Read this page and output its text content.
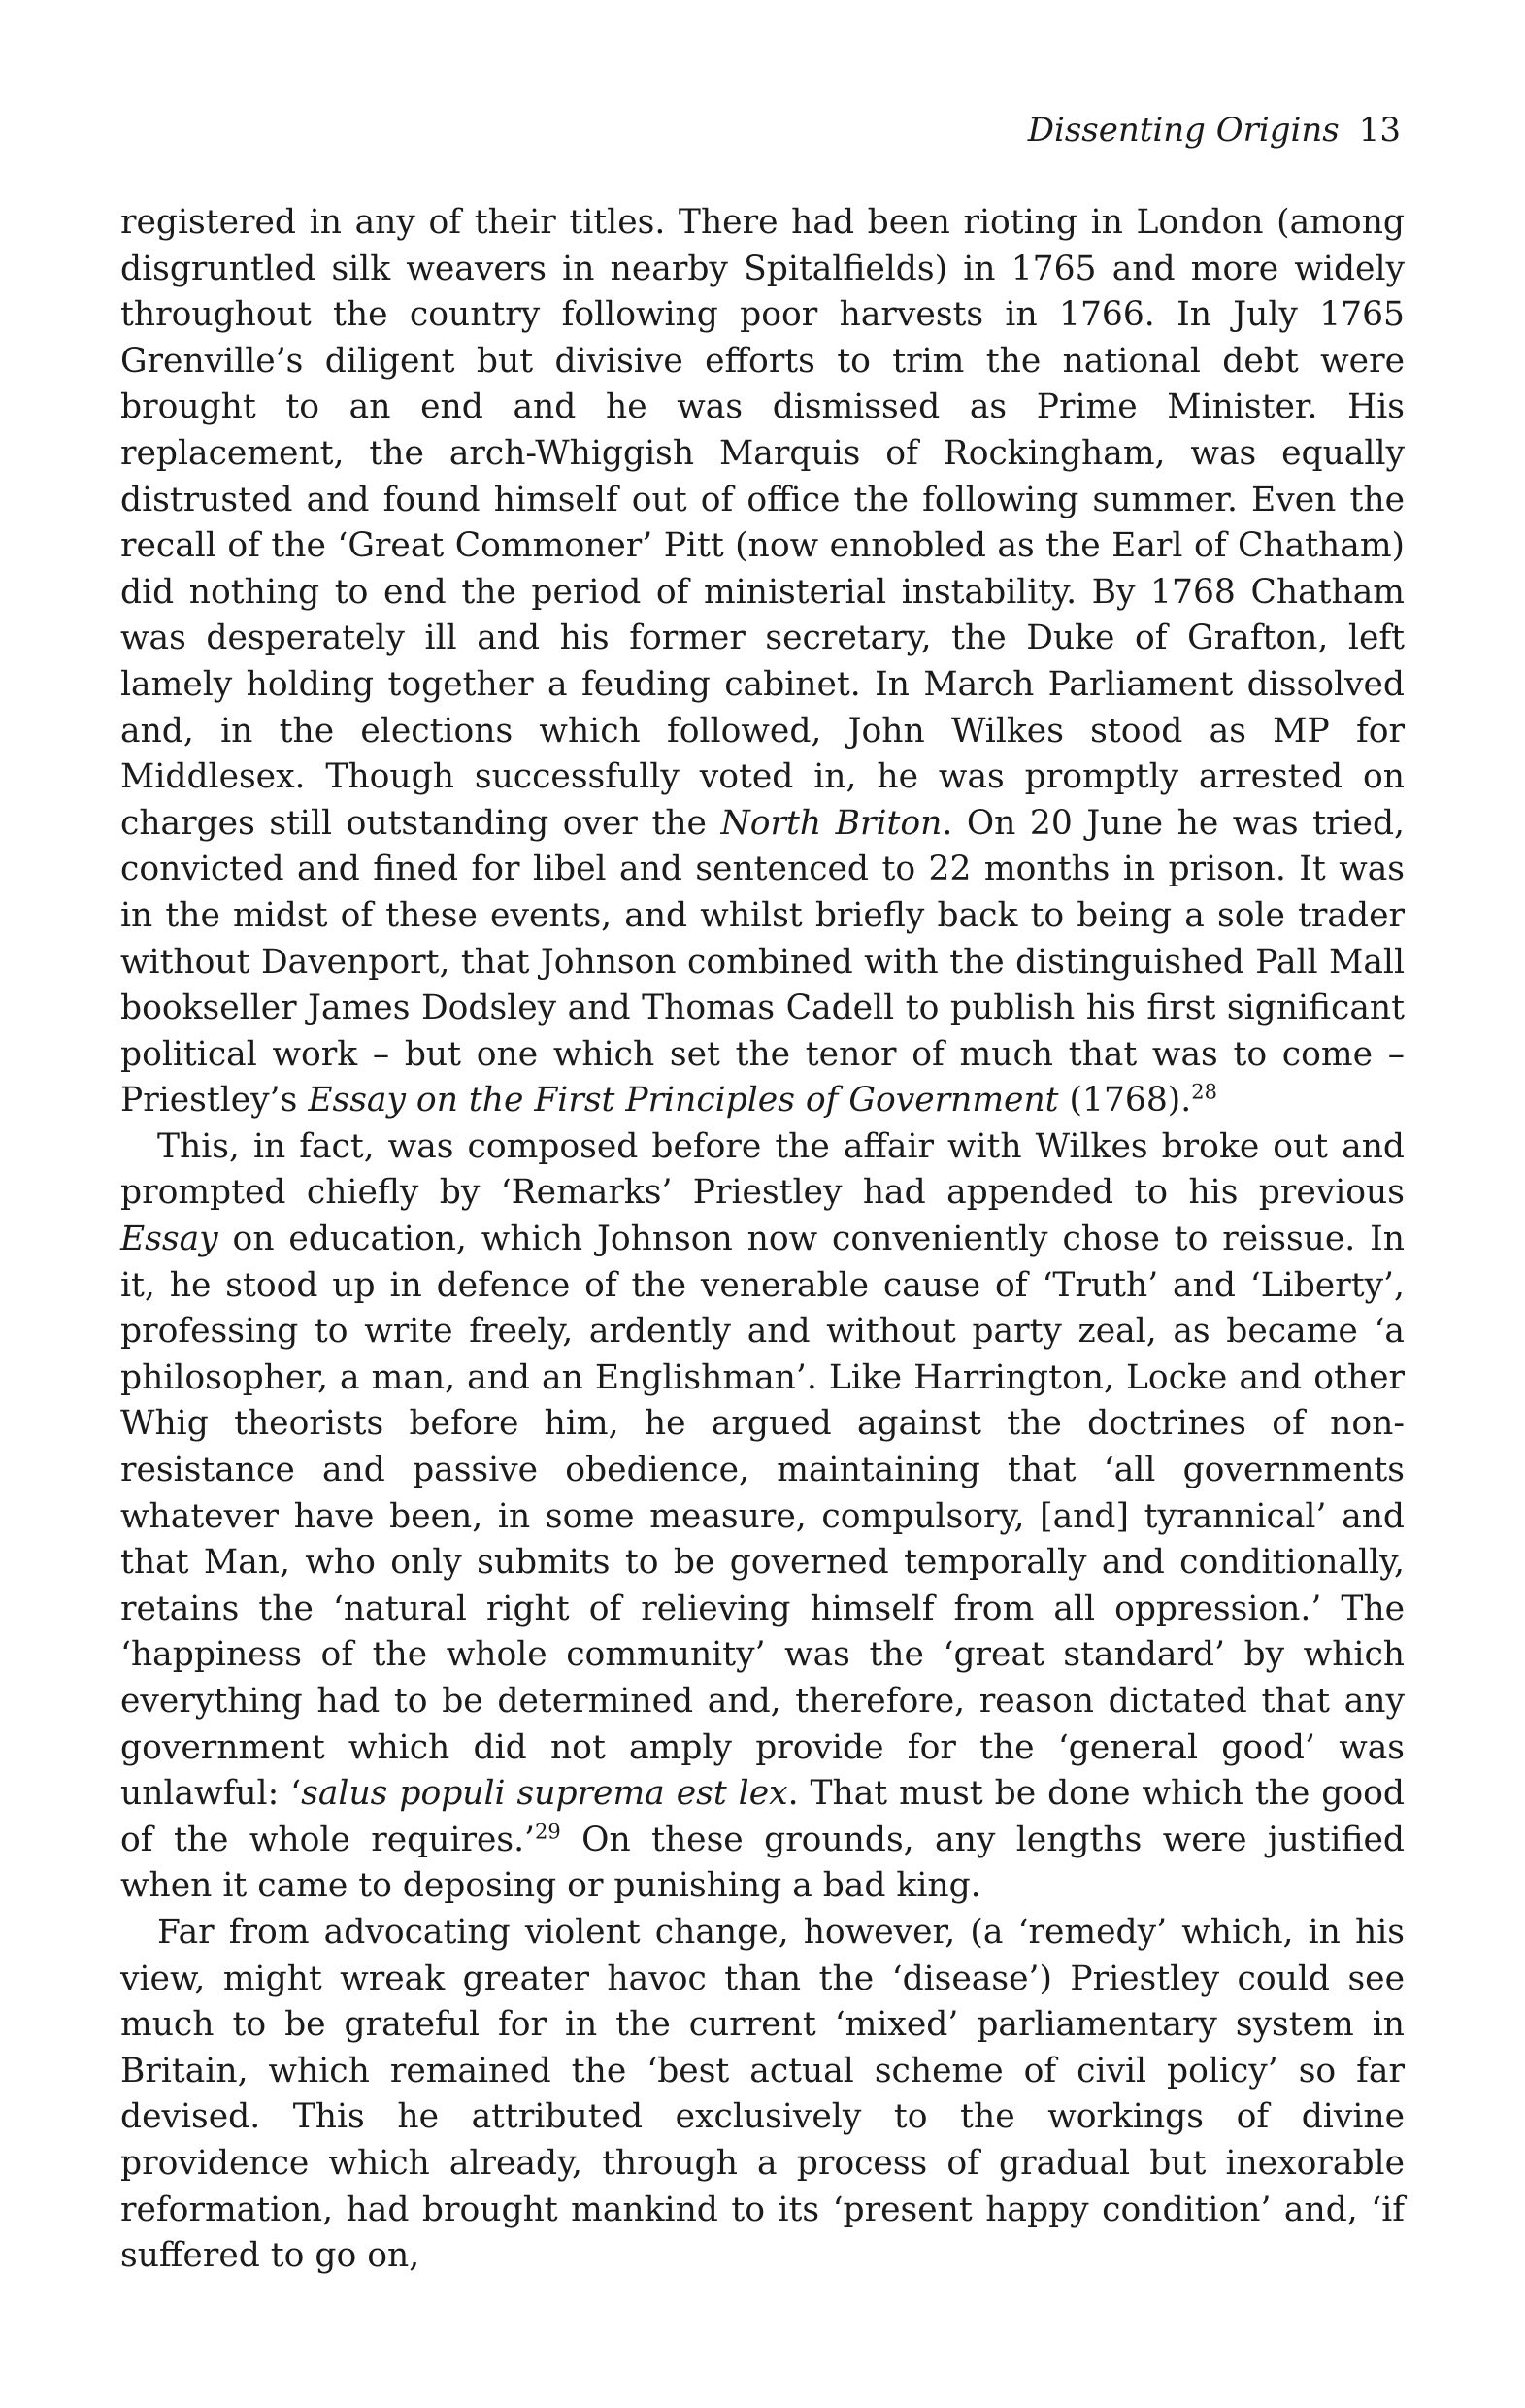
Dissenting Origins 13

registered in any of their titles. There had been rioting in London (among disgruntled silk weavers in nearby Spitalfields) in 1765 and more widely throughout the country following poor harvests in 1766. In July 1765 Grenville’s diligent but divisive efforts to trim the national debt were brought to an end and he was dismissed as Prime Minister. His replacement, the arch-Whiggish Marquis of Rockingham, was equally distrusted and found himself out of office the following summer. Even the recall of the ‘Great Commoner’ Pitt (now ennobled as the Earl of Chatham) did nothing to end the period of ministerial instability. By 1768 Chatham was desperately ill and his former secretary, the Duke of Grafton, left lamely holding together a feuding cabinet. In March Parliament dissolved and, in the elections which followed, John Wilkes stood as MP for Middlesex. Though successfully voted in, he was promptly arrested on charges still outstanding over the North Briton. On 20 June he was tried, convicted and fined for libel and sentenced to 22 months in prison. It was in the midst of these events, and whilst briefly back to being a sole trader without Davenport, that Johnson combined with the distinguished Pall Mall bookseller James Dodsley and Thomas Cadell to publish his first significant political work – but one which set the tenor of much that was to come – Priestley’s Essay on the First Principles of Government (1768).$^{28}$

This, in fact, was composed before the affair with Wilkes broke out and prompted chiefly by ‘Remarks’ Priestley had appended to his previous Essay on education, which Johnson now conveniently chose to reissue. In it, he stood up in defence of the venerable cause of ‘Truth’ and ‘Liberty’, professing to write freely, ardently and without party zeal, as became ‘a philosopher, a man, and an Englishman’. Like Harrington, Locke and other Whig theorists before him, he argued against the doctrines of non-resistance and passive obedience, maintaining that ‘all governments whatever have been, in some measure, compulsory, [and] tyrannical’ and that Man, who only submits to be governed temporally and conditionally, retains the ‘natural right of relieving himself from all oppression.’ The ‘happiness of the whole community’ was the ‘great standard’ by which everything had to be determined and, therefore, reason dictated that any government which did not amply provide for the ‘general good’ was unlawful: ‘salus populi suprema est lex. That must be done which the good of the whole requires.’$^{29}$ On these grounds, any lengths were justified when it came to deposing or punishing a bad king.

Far from advocating violent change, however, (a ‘remedy’ which, in his view, might wreak greater havoc than the ‘disease’) Priestley could see much to be grateful for in the current ‘mixed’ parliamentary system in Britain, which remained the ‘best actual scheme of civil policy’ so far devised. This he attributed exclusively to the workings of divine providence which already, through a process of gradual but inexorable reformation, had brought mankind to its ‘present happy condition’ and, ‘if suffered to go on,
